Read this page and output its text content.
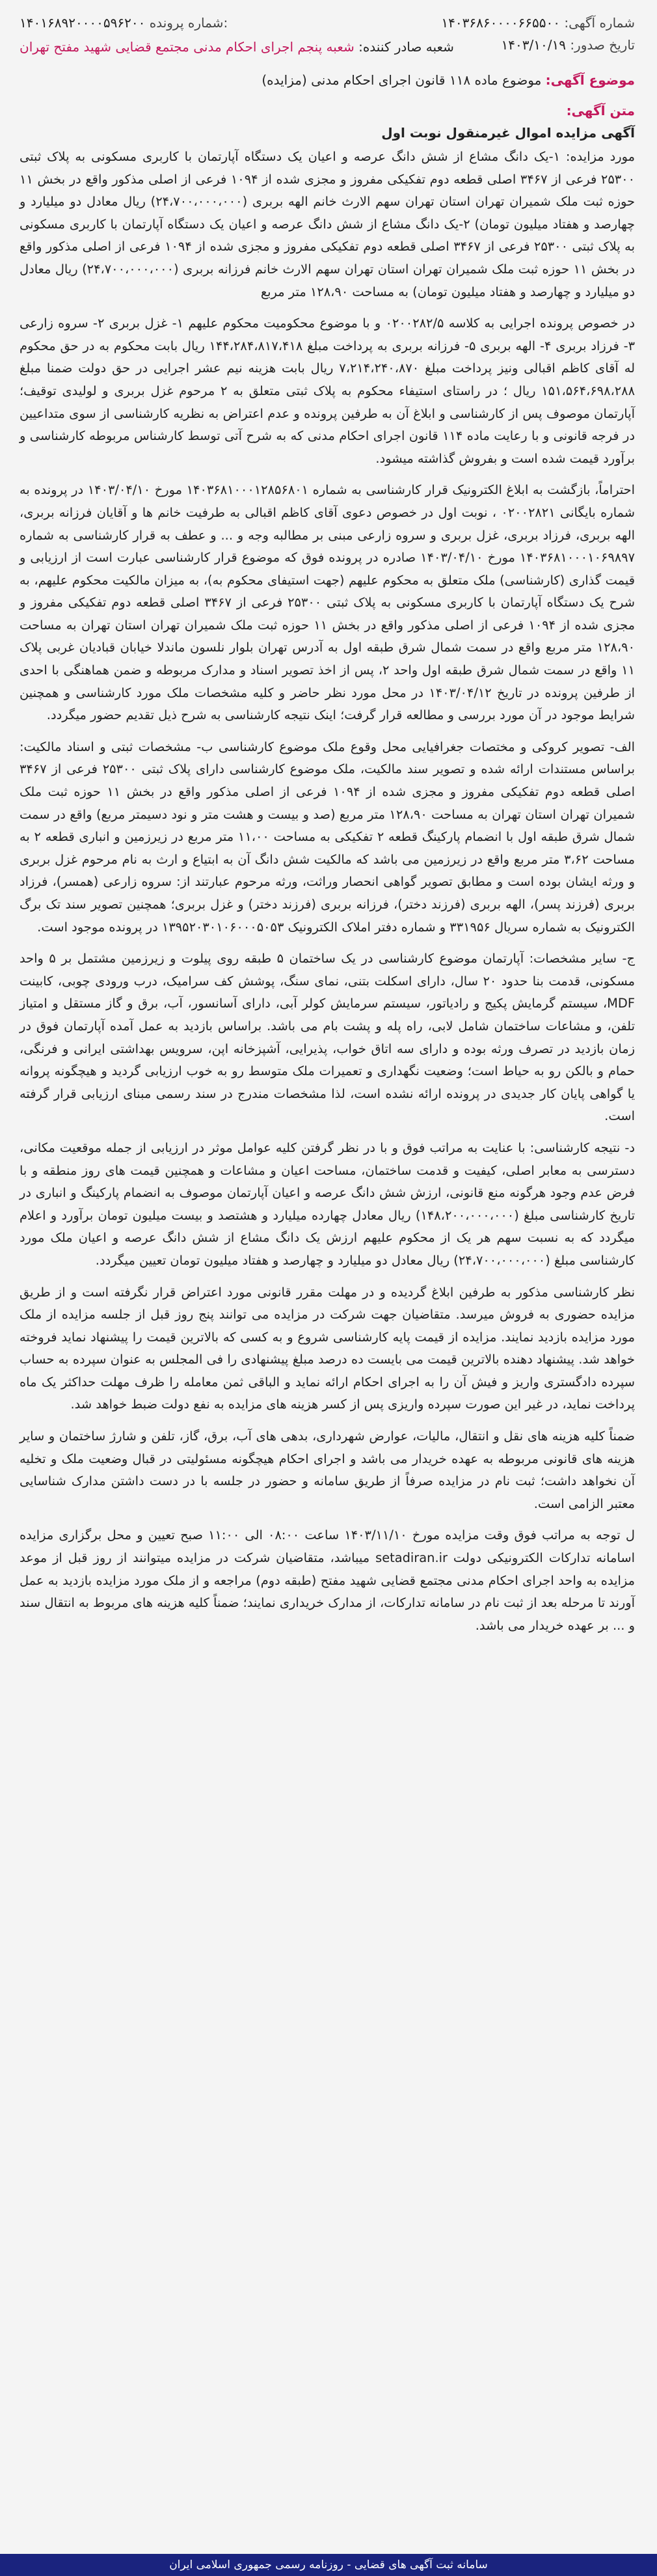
شماره آگهی: ۱۴۰۳۶۸۶۰۰۰۰۶۶۵۵۰۰
۱۴۰۱۶۸۹۲۰۰۰۰۵۹۶۲۰۰ شماره پرونده:
تاریخ صدور: ۱۴۰۳/۱۰/۱۹
شعبه صادر کننده: شعبه پنجم اجرای احکام مدنی مجتمع قضایی شهید مفتح تهران
موضوع آگهی: موضوع ماده ۱۱۸ قانون اجرای احکام مدنی (مزایده)
متن آگهی:
آگهی مزایده اموال غیرمنقول نوبت اول

مورد مزایده: ۱-یک دانگ مشاع از شش دانگ عرصه و اعیان یک دستگاه آپارتمان با کاربری مسکونی به پلاک ثبتی ۲۵۳۰۰ فرعی از ۳۴۶۷ اصلی قطعه دوم تفکیکی مفروز و مجزی شده از ۱۰۹۴ فرعی از اصلی مذکور واقع در بخش ۱۱ حوزه ثبت ملک شمیران تهران استان تهران سهم الارث خانم الهه بربری (۲۴،۷۰۰،۰۰۰،۰۰۰) ریال معادل دو میلیارد و چهارصد و هفتاد میلیون تومان) ۲-یک دانگ مشاع از شش دانگ عرصه و اعیان یک دستگاه آپارتمان با کاربری مسکونی به پلاک ثبتی ۲۵۳۰۰ فرعی از ۳۴۶۷ اصلی قطعه دوم تفکیکی مفروز و مجزی شده از ۱۰۹۴ فرعی از اصلی مذکور واقع در بخش ۱۱ حوزه ثبت ملک شمیران تهران استان تهران سهم الارث خانم فرزانه بربری (۲۴،۷۰۰،۰۰۰،۰۰۰) ریال معادل دو میلیارد و چهارصد و هفتاد میلیون تومان) به مساحت ۱۲۸،۹۰ متر مربع

در خصوص پرونده اجرایی به کلاسه ۰۲۰۰۲۸۲/۵ و با موضوع محکومیت محکوم علیهم ۱- غزل بربری ۲- سروه زارعی ۳- فرزاد بربری ۴- الهه بربری ۵- فرزانه بربری به پرداخت مبلغ ۱۴۴،۲۸۴،۸۱۷،۴۱۸ ریال بابت محکوم به در حق محکوم له آقای کاظم اقبالی ونیز پرداخت مبلغ ۷،۲۱۴،۲۴۰،۸۷۰ ریال بابت هزینه نیم عشر اجرایی در حق دولت ضمنا مبلغ ۱۵۱،۵۶۴،۶۹۸،۲۸۸ ریال ؛ در راستای استیفاء محکوم به پلاک ثبتی متعلق به ۲ مرحوم غزل بربری و لولیدی توقیف؛ آپارتمان موصوف پس از کارشناسی و ابلاغ آن به طرفین پرونده و عدم اعتراض به نظریه کارشناسی از سوی متداعیین در فرجه قانونی و با رعایت ماده ۱۱۴ قانون اجرای احکام مدنی که به شرح آتی توسط کارشناس مربوطه کارشناسی و برآورد قیمت شده است و بفروش گذاشته میشود.

احتراماً، بازگشت به ابلاغ الکترونیک قرار کارشناسی به شماره ۱۴۰۳۶۸۱۰۰۰۱۲۸۵۶۸۰۱ مورخ ۱۴۰۳/۰۴/۱۰ در پرونده به شماره بایگانی ۰۲۰۰۲۸۲۱ ، نوبت اول در خصوص دعوی آقای کاظم اقبالی به طرفیت خانم ها و آقایان فرزانه بربری، الهه بربری، فرزاد بربری، غزل بربری و سروه زارعی مبنی بر مطالبه وجه و ... و عطف به قرار کارشناسی به شماره ۱۴۰۳۶۸۱۰۰۰۱۰۶۹۸۹۷ مورخ ۱۴۰۳/۰۴/۱۰ صادره در پرونده فوق که موضوع قرار کارشناسی عبارت است از ارزیابی و قیمت گذاری (کارشناسی) ملک متعلق به محکوم علیهم (جهت استیفای محکوم به)، به میزان مالکیت محکوم علیهم، به شرح یک دستگاه آپارتمان با کاربری مسکونی به پلاک ثبتی ۲۵۳۰۰ فرعی از ۳۴۶۷ اصلی قطعه دوم تفکیکی مفروز و مجزی شده از ۱۰۹۴ فرعی از اصلی مذکور واقع در بخش ۱۱ حوزه ثبت ملک شمیران تهران استان تهران به مساحت ۱۲۸،۹۰ متر مربع واقع در سمت شمال شرق طبقه اول به آدرس تهران بلوار نلسون ماندلا خیابان قبادیان غربی پلاک ۱۱ واقع در سمت شمال شرق طبقه اول واحد ۲، پس از اخذ تصویر اسناد و مدارک مربوطه و ضمن هماهنگی با احدی از طرفین پرونده در تاریخ ۱۴۰۳/۰۴/۱۲ در محل مورد نظر حاضر و کلیه مشخصات ملک مورد کارشناسی و همچنین شرایط موجود در آن مورد بررسی و مطالعه قرار گرفت؛ اینک نتیجه کارشناسی به شرح ذیل تقدیم حضور میگردد.

الف- تصویر کروکی و مختصات جغرافیایی محل وقوع ملک موضوع کارشناسی ب- مشخصات ثبتی و اسناد مالکیت: براساس مستندات ارائه شده و تصویر سند مالکیت، ملک موضوع کارشناسی دارای پلاک ثبتی ۲۵۳۰۰ فرعی از ۳۴۶۷ اصلی قطعه دوم تفکیکی مفروز و مجزی شده از ۱۰۹۴ فرعی از اصلی مذکور واقع در بخش ۱۱ حوزه ثبت ملک شمیران تهران استان تهران به مساحت ۱۲۸،۹۰ متر مربع (صد و بیست و هشت متر و نود دسیمتر مربع) واقع در سمت شمال شرق طبقه اول با انضمام پارکینگ قطعه ۲ تفکیکی به مساحت ۱۱،۰۰ متر مربع در زیرزمین و انباری قطعه ۲ به مساحت ۳،۶۲ متر مربع واقع در زیرزمین می باشد که مالکیت شش دانگ آن به ابتیاع و ارث به نام مرحوم غزل بربری و ورثه ایشان بوده است و مطابق تصویر گواهی انحصار وراثت، ورثه مرحوم عبارتند از: سروه زارعی (همسر)، فرزاد بربری (فرزند پسر)، الهه بربری (فرزند دختر)، فرزانه بربری (فرزند دختر) و غزل بربری؛ همچنین تصویر سند تک برگ الکترونیک به شماره سریال ۳۳۱۹۵۶ و شماره دفتر املاک الکترونیک ۱۳۹۵۲۰۳۰۱۰۶۰۰۰۵۰۵۳ در پرونده موجود است.

ج- سایر مشخصات: آپارتمان موضوع کارشناسی در یک ساختمان ۵ طبقه روی پیلوت و زیرزمین مشتمل بر ۵ واحد مسکونی، قدمت بنا حدود ۲۰ سال، دارای اسکلت بتنی، نمای سنگ، پوشش کف سرامیک، درب ورودی چوبی، کابینت MDF، سیستم گرمایش پکیج و رادیاتور، سیستم سرمایش کولر آبی، دارای آسانسور، آب، برق و گاز مستقل و امتیاز تلفن، و مشاعات ساختمان شامل لابی، راه پله و پشت بام می باشد. براساس بازدید به عمل آمده آپارتمان فوق در زمان بازدید در تصرف ورثه بوده و دارای سه اتاق خواب، پذیرایی، آشپزخانه اپن، سرویس بهداشتی ایرانی و فرنگی، حمام و بالکن رو به حیاط است؛ وضعیت نگهداری و تعمیرات ملک متوسط رو به خوب ارزیابی گردید و هیچگونه پروانه یا گواهی پایان کار جدیدی در پرونده ارائه نشده است، لذا مشخصات مندرج در سند رسمی مبنای ارزیابی قرار گرفته است.

د- نتیجه کارشناسی: با عنایت به مراتب فوق و با در نظر گرفتن کلیه عوامل موثر در ارزیابی از جمله موقعیت مکانی، دسترسی به معابر اصلی، کیفیت و قدمت ساختمان، مساحت اعیان و مشاعات و همچنین قیمت های روز منطقه و با فرض عدم وجود هرگونه منع قانونی، ارزش شش دانگ عرصه و اعیان آپارتمان موصوف به انضمام پارکینگ و انباری در تاریخ کارشناسی مبلغ (۱۴۸،۲۰۰،۰۰۰،۰۰۰) ریال معادل چهارده میلیارد و هشتصد و بیست میلیون تومان برآورد و اعلام میگردد که به نسبت سهم هر یک از محکوم علیهم ارزش یک دانگ مشاع از شش دانگ عرصه و اعیان ملک مورد کارشناسی مبلغ (۲۴،۷۰۰،۰۰۰،۰۰۰) ریال معادل دو میلیارد و چهارصد و هفتاد میلیون تومان تعیین میگردد.

نظر کارشناسی مذکور به طرفین ابلاغ گردیده و در مهلت مقرر قانونی مورد اعتراض قرار نگرفته است و از طریق مزایده حضوری به فروش میرسد. متقاضیان جهت شرکت در مزایده می توانند پنج روز قبل از جلسه مزایده از ملک مورد مزایده بازدید نمایند. مزایده از قیمت پایه کارشناسی شروع و به کسی که بالاترین قیمت را پیشنهاد نماید فروخته خواهد شد. پیشنهاد دهنده بالاترین قیمت می بایست ده درصد مبلغ پیشنهادی را فی المجلس به عنوان سپرده به حساب سپرده دادگستری واریز و فیش آن را به اجرای احکام ارائه نماید و الباقی ثمن معامله را ظرف مهلت حداکثر یک ماه پرداخت نماید، در غیر این صورت سپرده واریزی پس از کسر هزینه های مزایده به نفع دولت ضبط خواهد شد.

ضمناً کلیه هزینه های نقل و انتقال، مالیات، عوارض شهرداری، بدهی های آب، برق، گاز، تلفن و شارژ ساختمان و سایر هزینه های قانونی مربوطه به عهده خریدار می باشد و اجرای احکام هیچگونه مسئولیتی در قبال وضعیت ملک و تخلیه آن نخواهد داشت؛ ثبت نام در مزایده صرفاً از طریق سامانه و حضور در جلسه با در دست داشتن مدارک شناسایی معتبر الزامی است.

ل توجه به مراتب فوق وقت مزایده مورخ ۱۴۰۳/۱۱/۱۰ ساعت ۰۸:۰۰ الی ۱۱:۰۰ صبح تعیین و محل برگزاری مزایده اسامانه تدارکات الکترونیکی دولت setadiran.ir میباشد، متقاضیان شرکت در مزایده میتوانند از روز قبل از موعد مزایده به واحد اجرای احکام مدنی مجتمع قضایی شهید مفتح (طبقه دوم) مراجعه و از ملک مورد مزایده بازدید به عمل آورند تا مرحله بعد از ثبت نام در سامانه تدارکات، از مدارک خریداری نمایند؛ ضمناً کلیه هزینه های مربوط به انتقال سند و ... بر عهده خریدار می باشد.

سامانه ثبت آگهی های قضایی - روزنامه رسمی جمهوری اسلامی ایران
